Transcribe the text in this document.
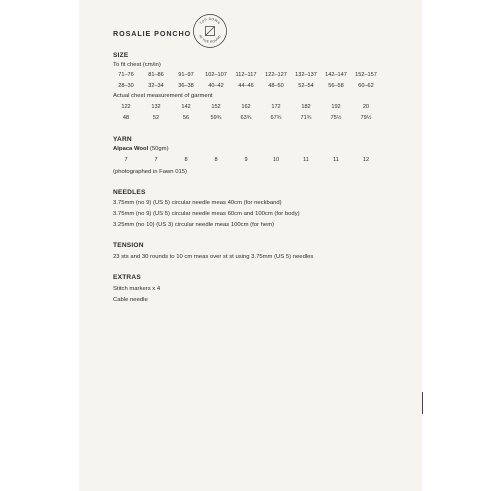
ROSALIE PONCHO
TOP DOWN
IN THE ROUND
SIZE
To fit chest (cm/in)
71–76	81–86	91–97	102–107	112–117	122–127	132–137	142–147	152–157
28–30	32–34	36–38	40–42	44–46	48–50	52–54	56–58	60–62
Actual chest measurement of garment
122	132	142	152	162	172	182	192	20
48	52	56	59¾	63¾	67¾	71¾	75½	79½
YARN
Alpaca Wool (50gm)
7	7	8	8	9	10	11	11	12
(photographed in Fawn 015)
NEEDLES
3.75mm (no 9) (US 5) circular needle meas 40cm (for neckband)
3.75mm (no 9) (US 5) circular needle meas 60cm and 100cm (for body)
3.25mm (no 10) (US 3) circular needle meas 100cm (for hem)
TENSION
23 sts and 30 rounds to 10 cm meas over st st using 3.75mm (US 5) needles
EXTRAS
Stitch markers x 4
Cable needle
